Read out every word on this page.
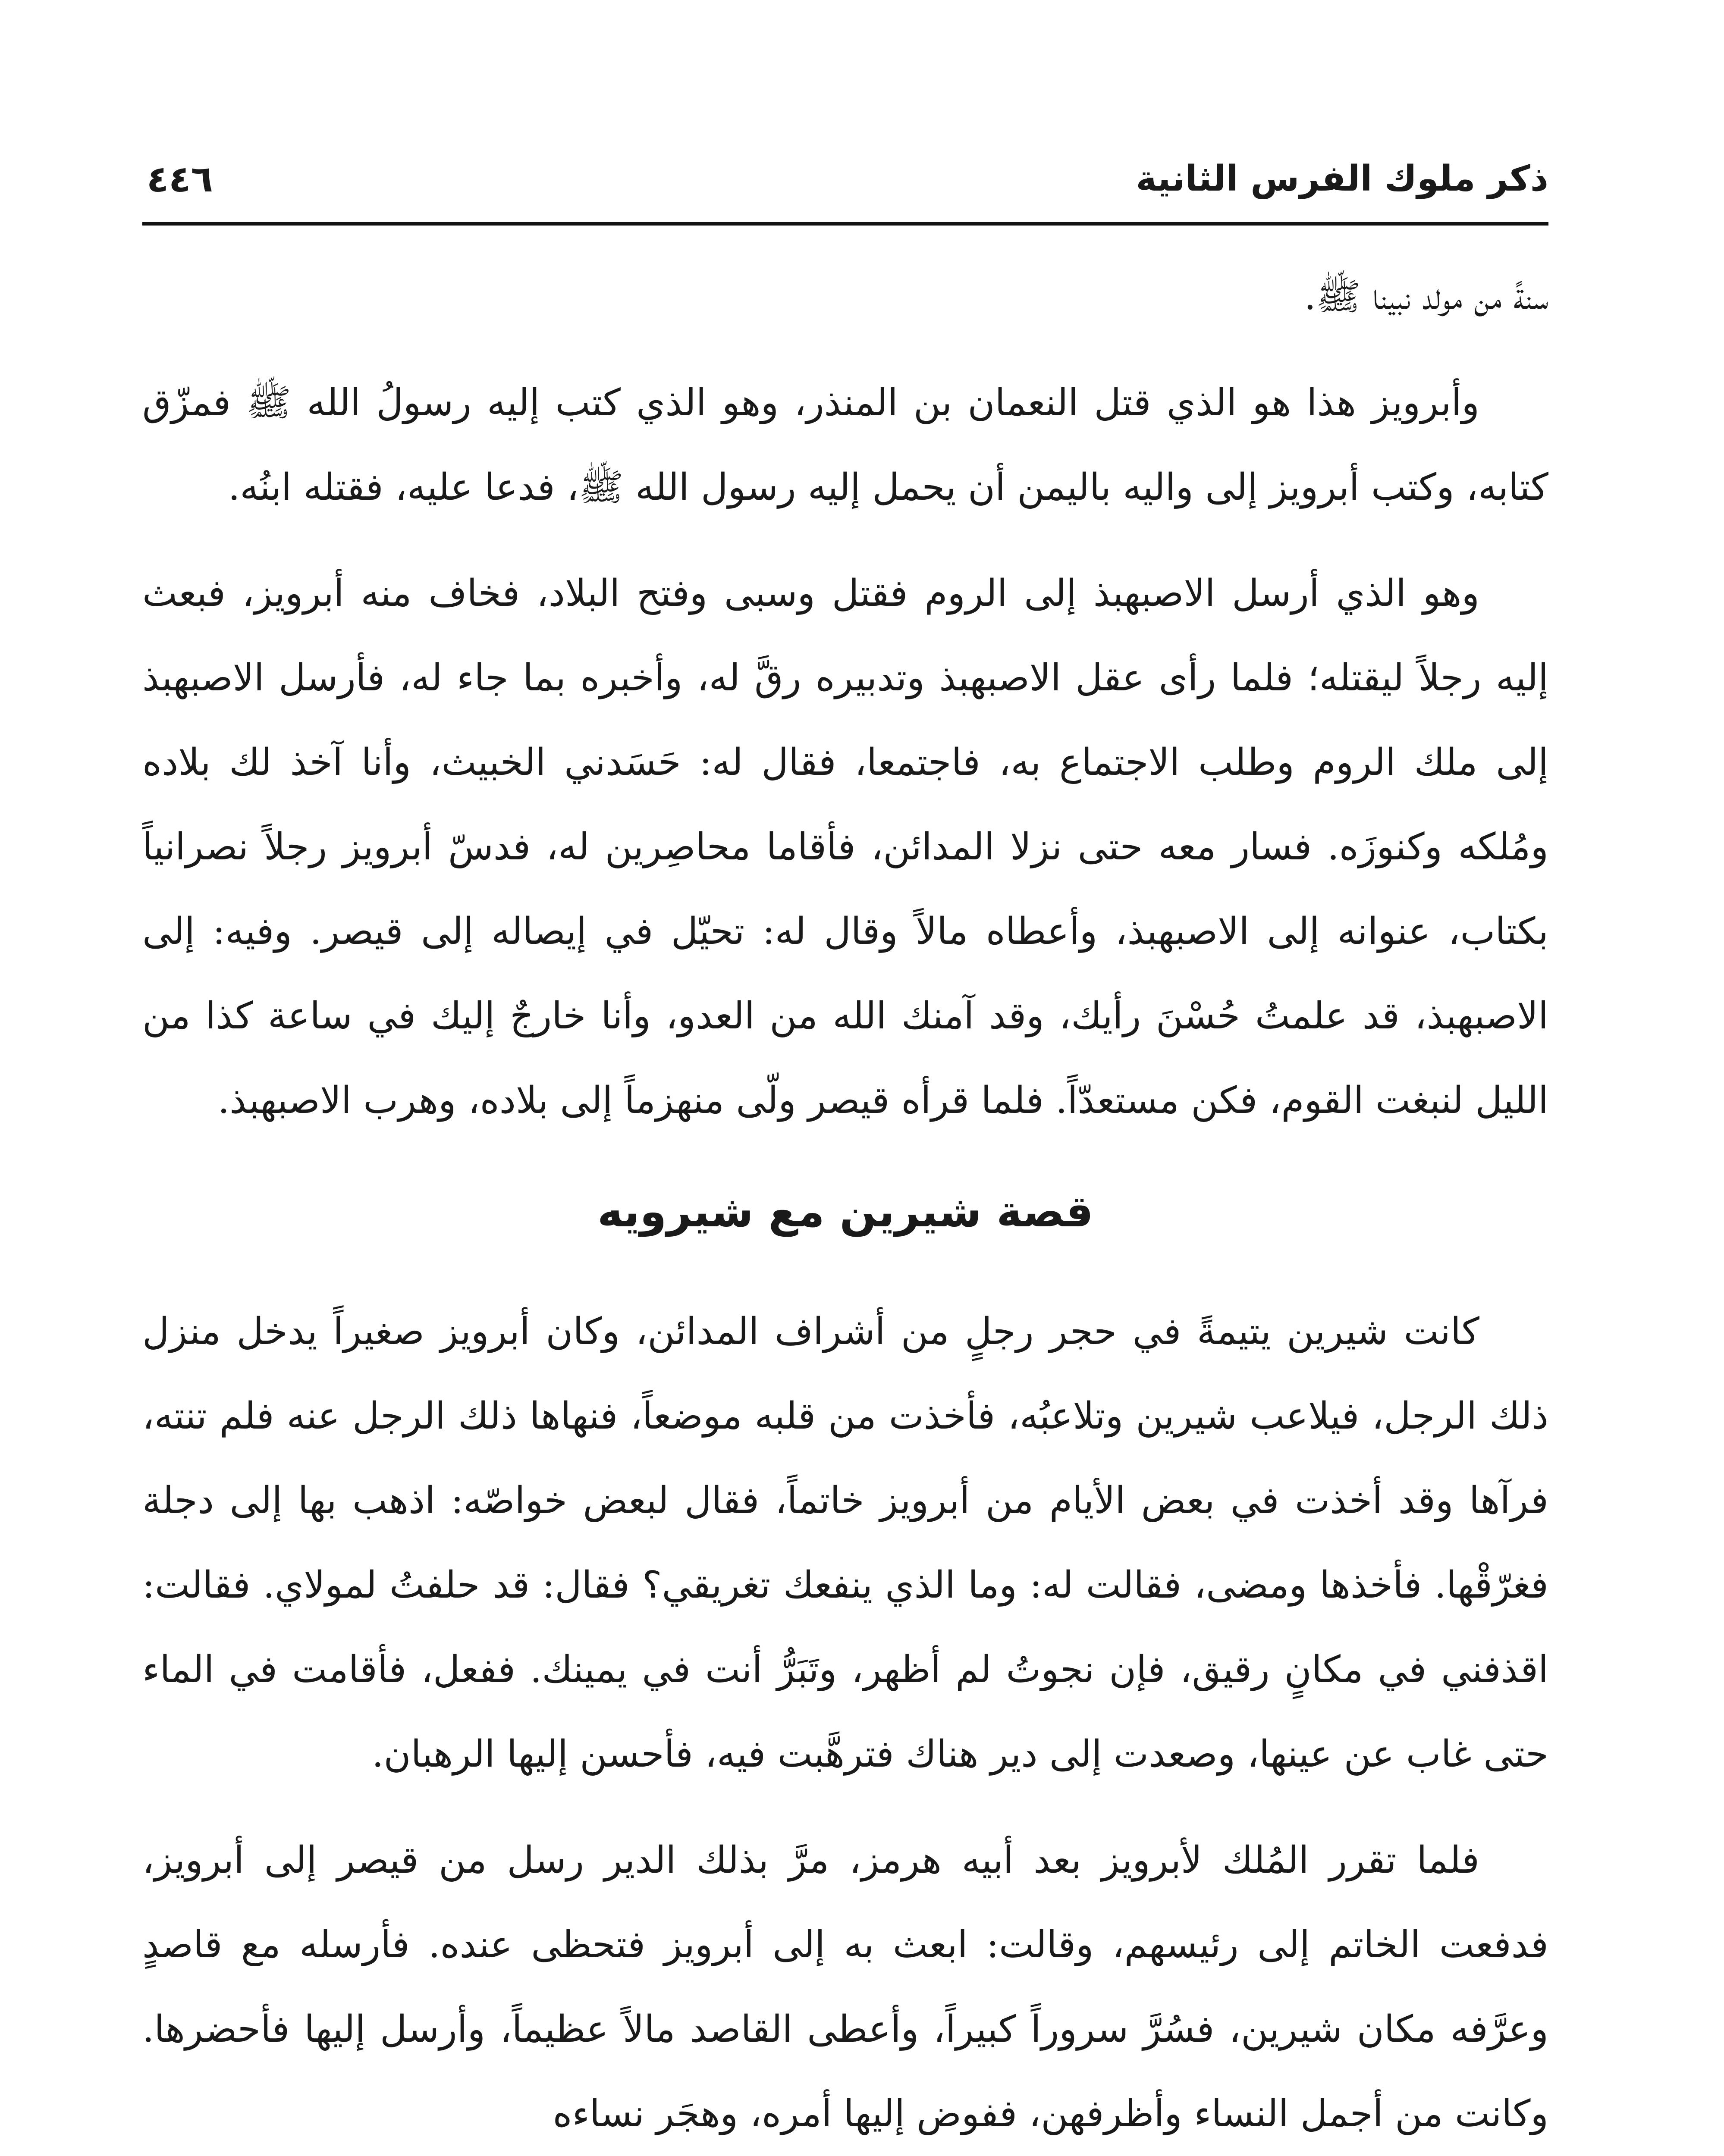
ذكر ملوك الفرس الثانية
٤٤٦

سنةً من مولد نبينا ﷺ.

وأبرويز هذا هو الذي قتل النعمان بن المنذر، وهو الذي كتب إليه رسولُ الله ﷺ فمزّق كتابه، وكتب أبرويز إلى واليه باليمن أن يحمل إليه رسول الله ﷺ، فدعا عليه، فقتله ابنُه.

وهو الذي أرسل الاصبهبذ إلى الروم فقتل وسبى وفتح البلاد، فخاف منه أبرويز، فبعث إليه رجلاً ليقتله؛ فلما رأى عقل الاصبهبذ وتدبيره رقَّ له، وأخبره بما جاء له، فأرسل الاصبهبذ إلى ملك الروم وطلب الاجتماع به، فاجتمعا، فقال له: حَسَدني الخبيث، وأنا آخذ لك بلاده ومُلكه وكنوزَه. فسار معه حتى نزلا المدائن، فأقاما محاصِرين له، فدسّ أبرويز رجلاً نصرانياً بكتاب، عنوانه إلى الاصبهبذ، وأعطاه مالاً وقال له: تحيّل في إيصاله إلى قيصر. وفيه: إلى الاصبهبذ، قد علمتُ حُسْنَ رأيك، وقد آمنك الله من العدو، وأنا خارجٌ إليك في ساعة كذا من الليل لنبغت القوم، فكن مستعدّاً. فلما قرأه قيصر ولّى منهزماً إلى بلاده، وهرب الاصبهبذ.

قصة شيرين مع شيرويه

كانت شيرين يتيمةً في حجر رجلٍ من أشراف المدائن، وكان أبرويز صغيراً يدخل منزل ذلك الرجل، فيلاعب شيرين وتلاعبُه، فأخذت من قلبه موضعاً، فنهاها ذلك الرجل عنه فلم تنته، فرآها وقد أخذت في بعض الأيام من أبرويز خاتماً، فقال لبعض خواصّه: اذهب بها إلى دجلة فغرّقْها. فأخذها ومضى، فقالت له: وما الذي ينفعك تغريقي؟ فقال: قد حلفتُ لمولاي. فقالت: اقذفني في مكانٍ رقيق، فإن نجوتُ لم أظهر، وتَبَرُّ أنت في يمينك. ففعل، فأقامت في الماء حتى غاب عن عينها، وصعدت إلى دير هناك فترهَّبت فيه، فأحسن إليها الرهبان.

فلما تقرر المُلك لأبرويز بعد أبيه هرمز، مرَّ بذلك الدير رسل من قيصر إلى أبرويز، فدفعت الخاتم إلى رئيسهم، وقالت: ابعث به إلى أبرويز فتحظى عنده. فأرسله مع قاصدٍ وعرَّفه مكان شيرين، فسُرَّ سروراً كبيراً، وأعطى القاصد مالاً عظيماً، وأرسل إليها فأحضرها. وكانت من أجمل النساء وأظرفهن، ففوض إليها أمره، وهجَر نساءه
